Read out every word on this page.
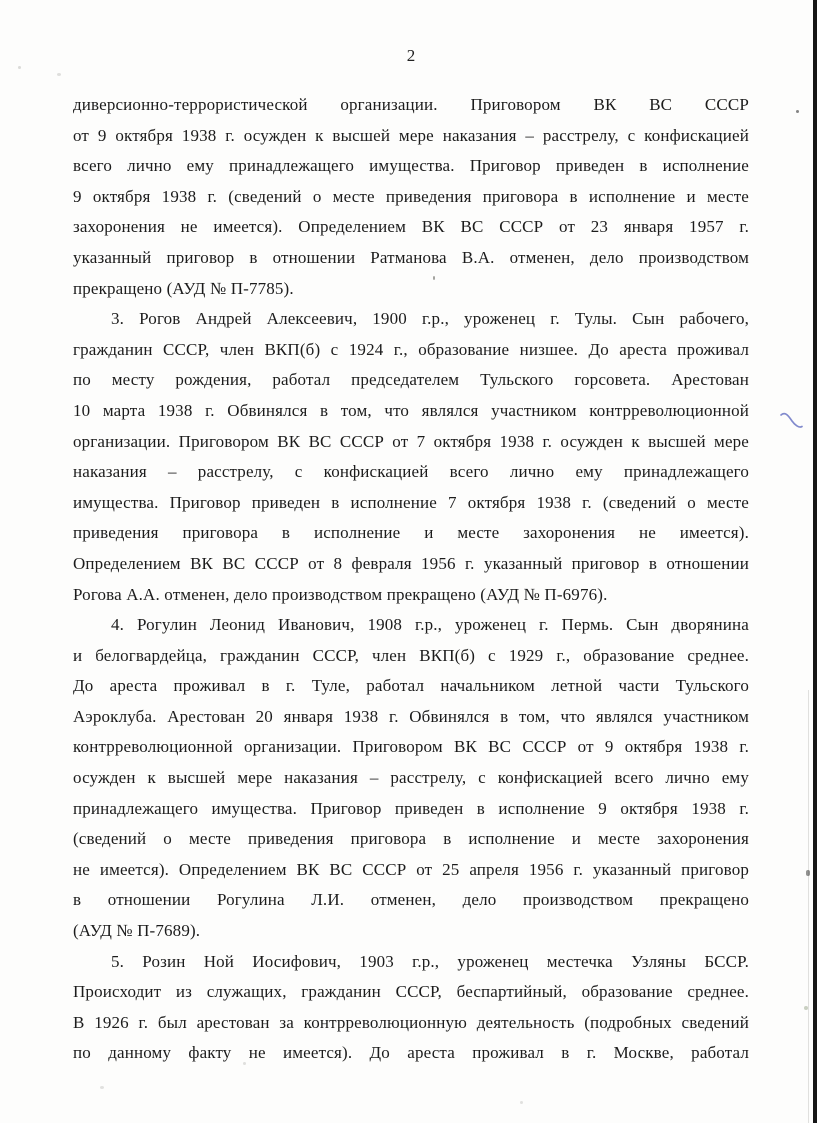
2
диверсионно-террористической организации. Приговором ВК ВС СССР
от 9 октября 1938 г. осужден к высшей мере наказания – расстрелу, с конфискацией
всего лично ему принадлежащего имущества. Приговор приведен в исполнение
9 октября 1938 г. (сведений о месте приведения приговора в исполнение и месте
захоронения не имеется). Определением ВК ВС СССР от 23 января 1957 г.
указанный приговор в отношении Ратманова В.А. отменен, дело производством
прекращено (АУД № П-7785).
3. Рогов Андрей Алексеевич, 1900 г.р., уроженец г. Тулы. Сын рабочего,
гражданин СССР, член ВКП(б) с 1924 г., образование низшее. До ареста проживал
по месту рождения, работал председателем Тульского горсовета. Арестован
10 марта 1938 г. Обвинялся в том, что являлся участником контрреволюционной
организации. Приговором ВК ВС СССР от 7 октября 1938 г. осужден к высшей мере
наказания – расстрелу, с конфискацией всего лично ему принадлежащего
имущества. Приговор приведен в исполнение 7 октября 1938 г. (сведений о месте
приведения приговора в исполнение и месте захоронения не имеется).
Определением ВК ВС СССР от 8 февраля 1956 г. указанный приговор в отношении
Рогова А.А. отменен, дело производством прекращено (АУД № П-6976).
4. Рогулин Леонид Иванович, 1908 г.р., уроженец г. Пермь. Сын дворянина
и белогвардейца, гражданин СССР, член ВКП(б) с 1929 г., образование среднее.
До ареста проживал в г. Туле, работал начальником летной части Тульского
Аэроклуба. Арестован 20 января 1938 г. Обвинялся в том, что являлся участником
контрреволюционной организации. Приговором ВК ВС СССР от 9 октября 1938 г.
осужден к высшей мере наказания – расстрелу, с конфискацией всего лично ему
принадлежащего имущества. Приговор приведен в исполнение 9 октября 1938 г.
(сведений о месте приведения приговора в исполнение и месте захоронения
не имеется). Определением ВК ВС СССР от 25 апреля 1956 г. указанный приговор
в отношении Рогулина Л.И. отменен, дело производством прекращено
(АУД № П-7689).
5. Розин Ной Иосифович, 1903 г.р., уроженец местечка Узляны БССР.
Происходит из служащих, гражданин СССР, беспартийный, образование среднее.
В 1926 г. был арестован за контрреволюционную деятельность (подробных сведений
по данному факту не имеется). До ареста проживал в г. Москве, работал
